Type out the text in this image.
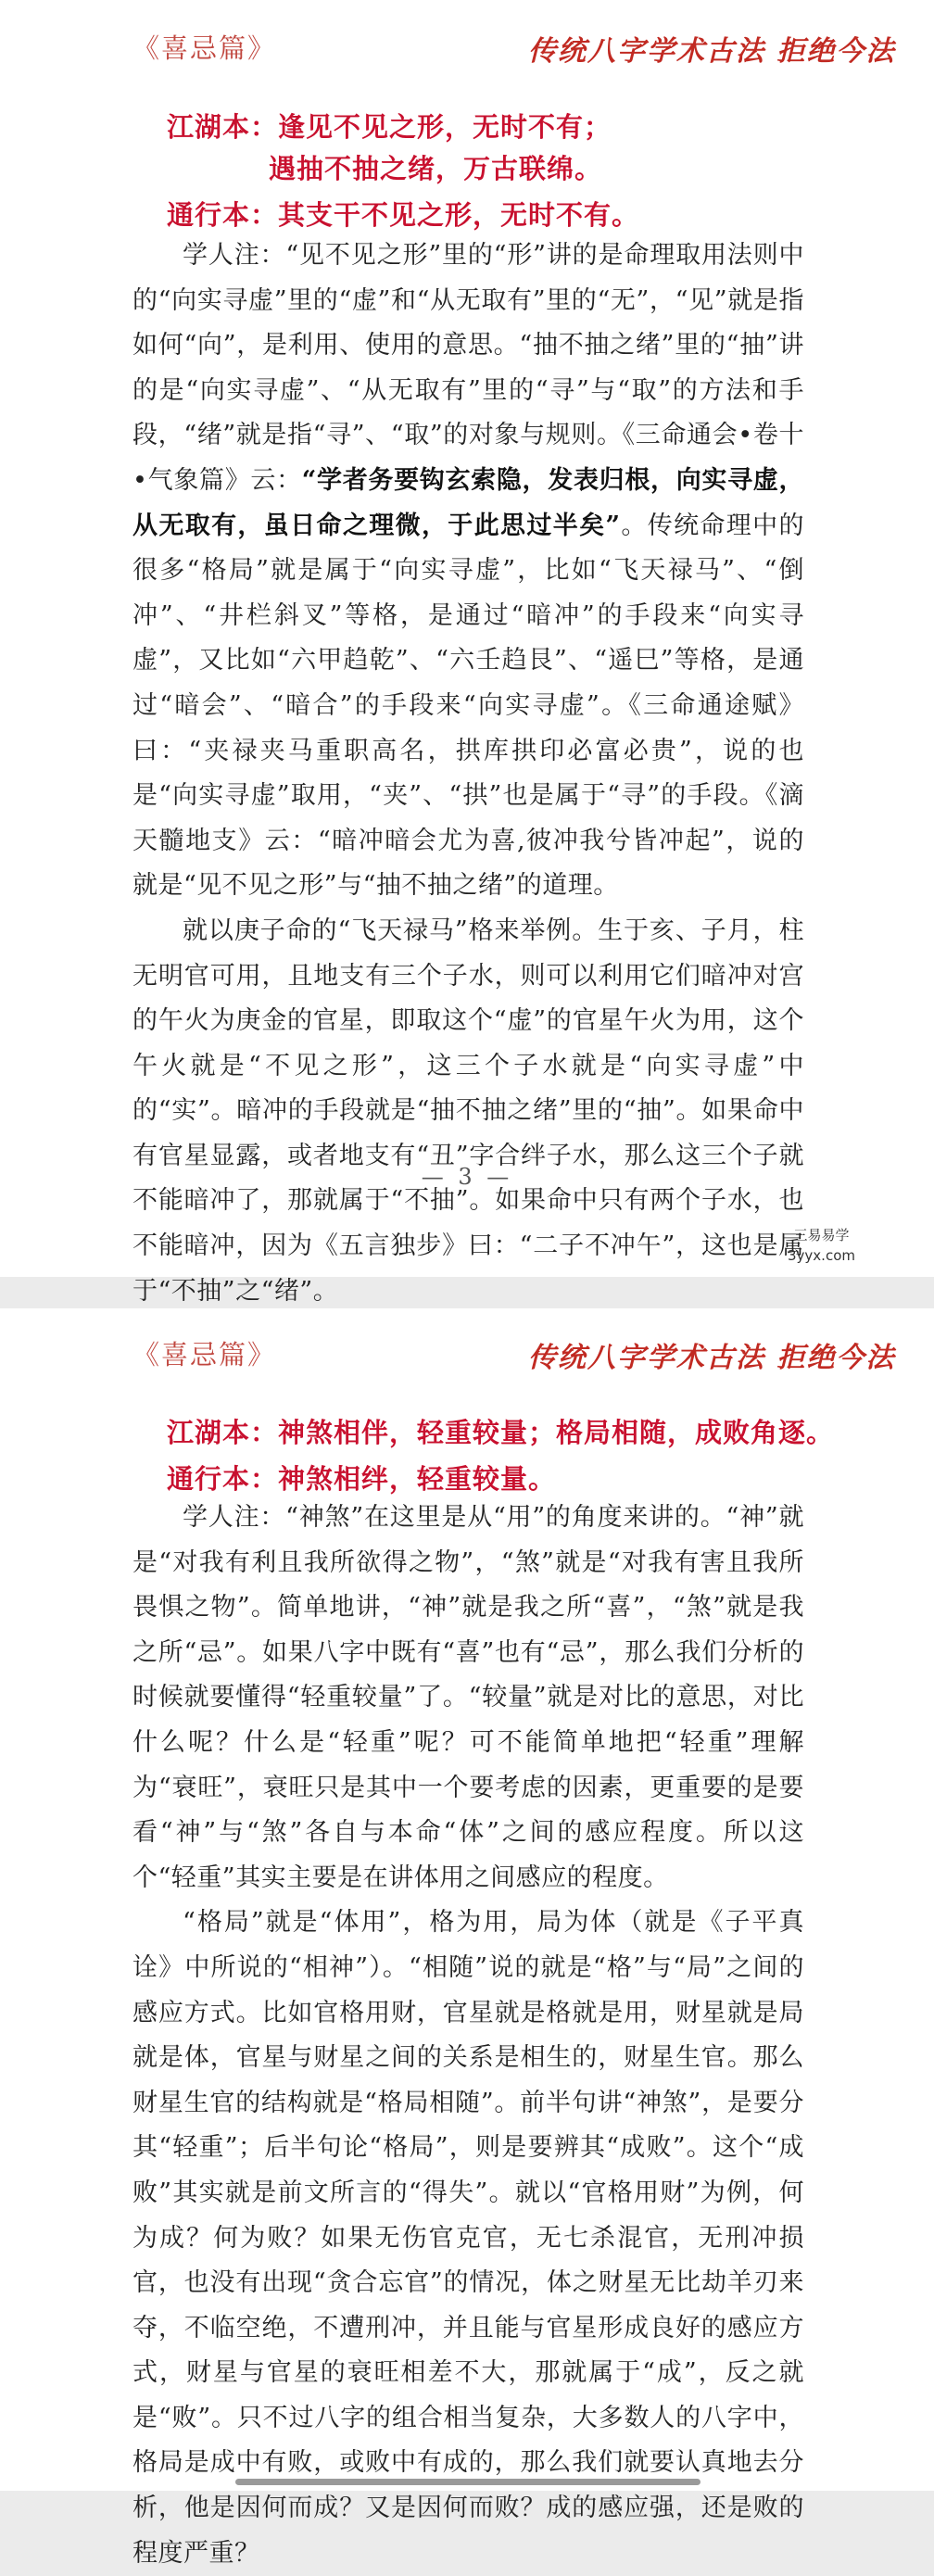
《喜忌篇》	传统八字学术古法 拒绝今法
江湖本：逢见不见之形，无时不有；
遇抽不抽之绪，万古联绵。
通行本：其支干不见之形，无时不有。

学人注：“见不见之形”里的“形”讲的是命理取用法则中的“向实寻虚”里的“虚”和“从无取有”里的“无”，“见”就是指如何“向”，是利用、使用的意思。“抽不抽之绪”里的“抽”讲的是“向实寻虚”、“从无取有”里的“寻”与“取”的方法和手段，“绪”就是指“寻”、“取”的对象与规则。《三命通会•卷十•气象篇》云：“学者务要钩玄索隐，发表归根，向实寻虚，从无取有，虽日命之理微，于此思过半矣”。传统命理中的很多“格局”就是属于“向实寻虚”，比如“飞天禄马”、“倒冲”、“井栏斜叉”等格，是通过“暗冲”的手段来“向实寻虚”，又比如“六甲趋乾”、“六壬趋艮”、“遥巳”等格，是通过“暗会”、“暗合”的手段来“向实寻虚”。《三命通途赋》曰：“夹禄夹马重职高名，拱库拱印必富必贵”，说的也是“向实寻虚”取用，“夹”、“拱”也是属于“寻”的手段。《滴天髓地支》云：“暗冲暗会尤为喜,彼冲我兮皆冲起”，说的就是“见不见之形”与“抽不抽之绪”的道理。

就以庚子命的“飞天禄马”格来举例。生于亥、子月，柱无明官可用，且地支有三个子水，则可以利用它们暗冲对宫的午火为庚金的官星，即取这个“虚”的官星午火为用，这个午火就是“不见之形”，这三个子水就是“向实寻虚”中的“实”。暗冲的手段就是“抽不抽之绪”里的“抽”。如果命中有官星显露，或者地支有“丑”字合绊子水，那么这三个子就不能暗冲了，那就属于“不抽”。如果命中只有两个子水，也不能暗冲，因为《五言独步》曰：“二子不冲午”，这也是属于“不抽”之“绪”。

— 3 —
三易易学
3yyx.com
《喜忌篇》	传统八字学术古法 拒绝今法
江湖本：神煞相伴，轻重较量；格局相随，成败角逐。
通行本：神煞相绊，轻重较量。

学人注：“神煞”在这里是从“用”的角度来讲的。“神”就是“对我有利且我所欲得之物”，“煞”就是“对我有害且我所畏惧之物”。简单地讲，“神”就是我之所“喜”，“煞”就是我之所“忌”。如果八字中既有“喜”也有“忌”，那么我们分析的时候就要懂得“轻重较量”了。“较量”就是对比的意思，对比什么呢？什么是“轻重”呢？可不能简单地把“轻重”理解为“衰旺”，衰旺只是其中一个要考虑的因素，更重要的是要看“神”与“煞”各自与本命“体”之间的感应程度。所以这个“轻重”其实主要是在讲体用之间感应的程度。

“格局”就是“体用”，格为用，局为体（就是《子平真诠》中所说的“相神”）。“相随”说的就是“格”与“局”之间的感应方式。比如官格用财，官星就是格就是用，财星就是局就是体，官星与财星之间的关系是相生的，财星生官。那么财星生官的结构就是“格局相随”。前半句讲“神煞”，是要分其“轻重”；后半句论“格局”，则是要辨其“成败”。这个“成败”其实就是前文所言的“得失”。就以“官格用财”为例，何为成？何为败？如果无伤官克官，无七杀混官，无刑冲损官，也没有出现“贪合忘官”的情况，体之财星无比劫羊刃来夺，不临空绝，不遭刑冲，并且能与官星形成良好的感应方式，财星与官星的衰旺相差不大，那就属于“成”，反之就是“败”。只不过八字的组合相当复杂，大多数人的八字中，格局是成中有败，或败中有成的，那么我们就要认真地去分析，他是因何而成？又是因何而败？成的感应强，还是败的程度严重？
